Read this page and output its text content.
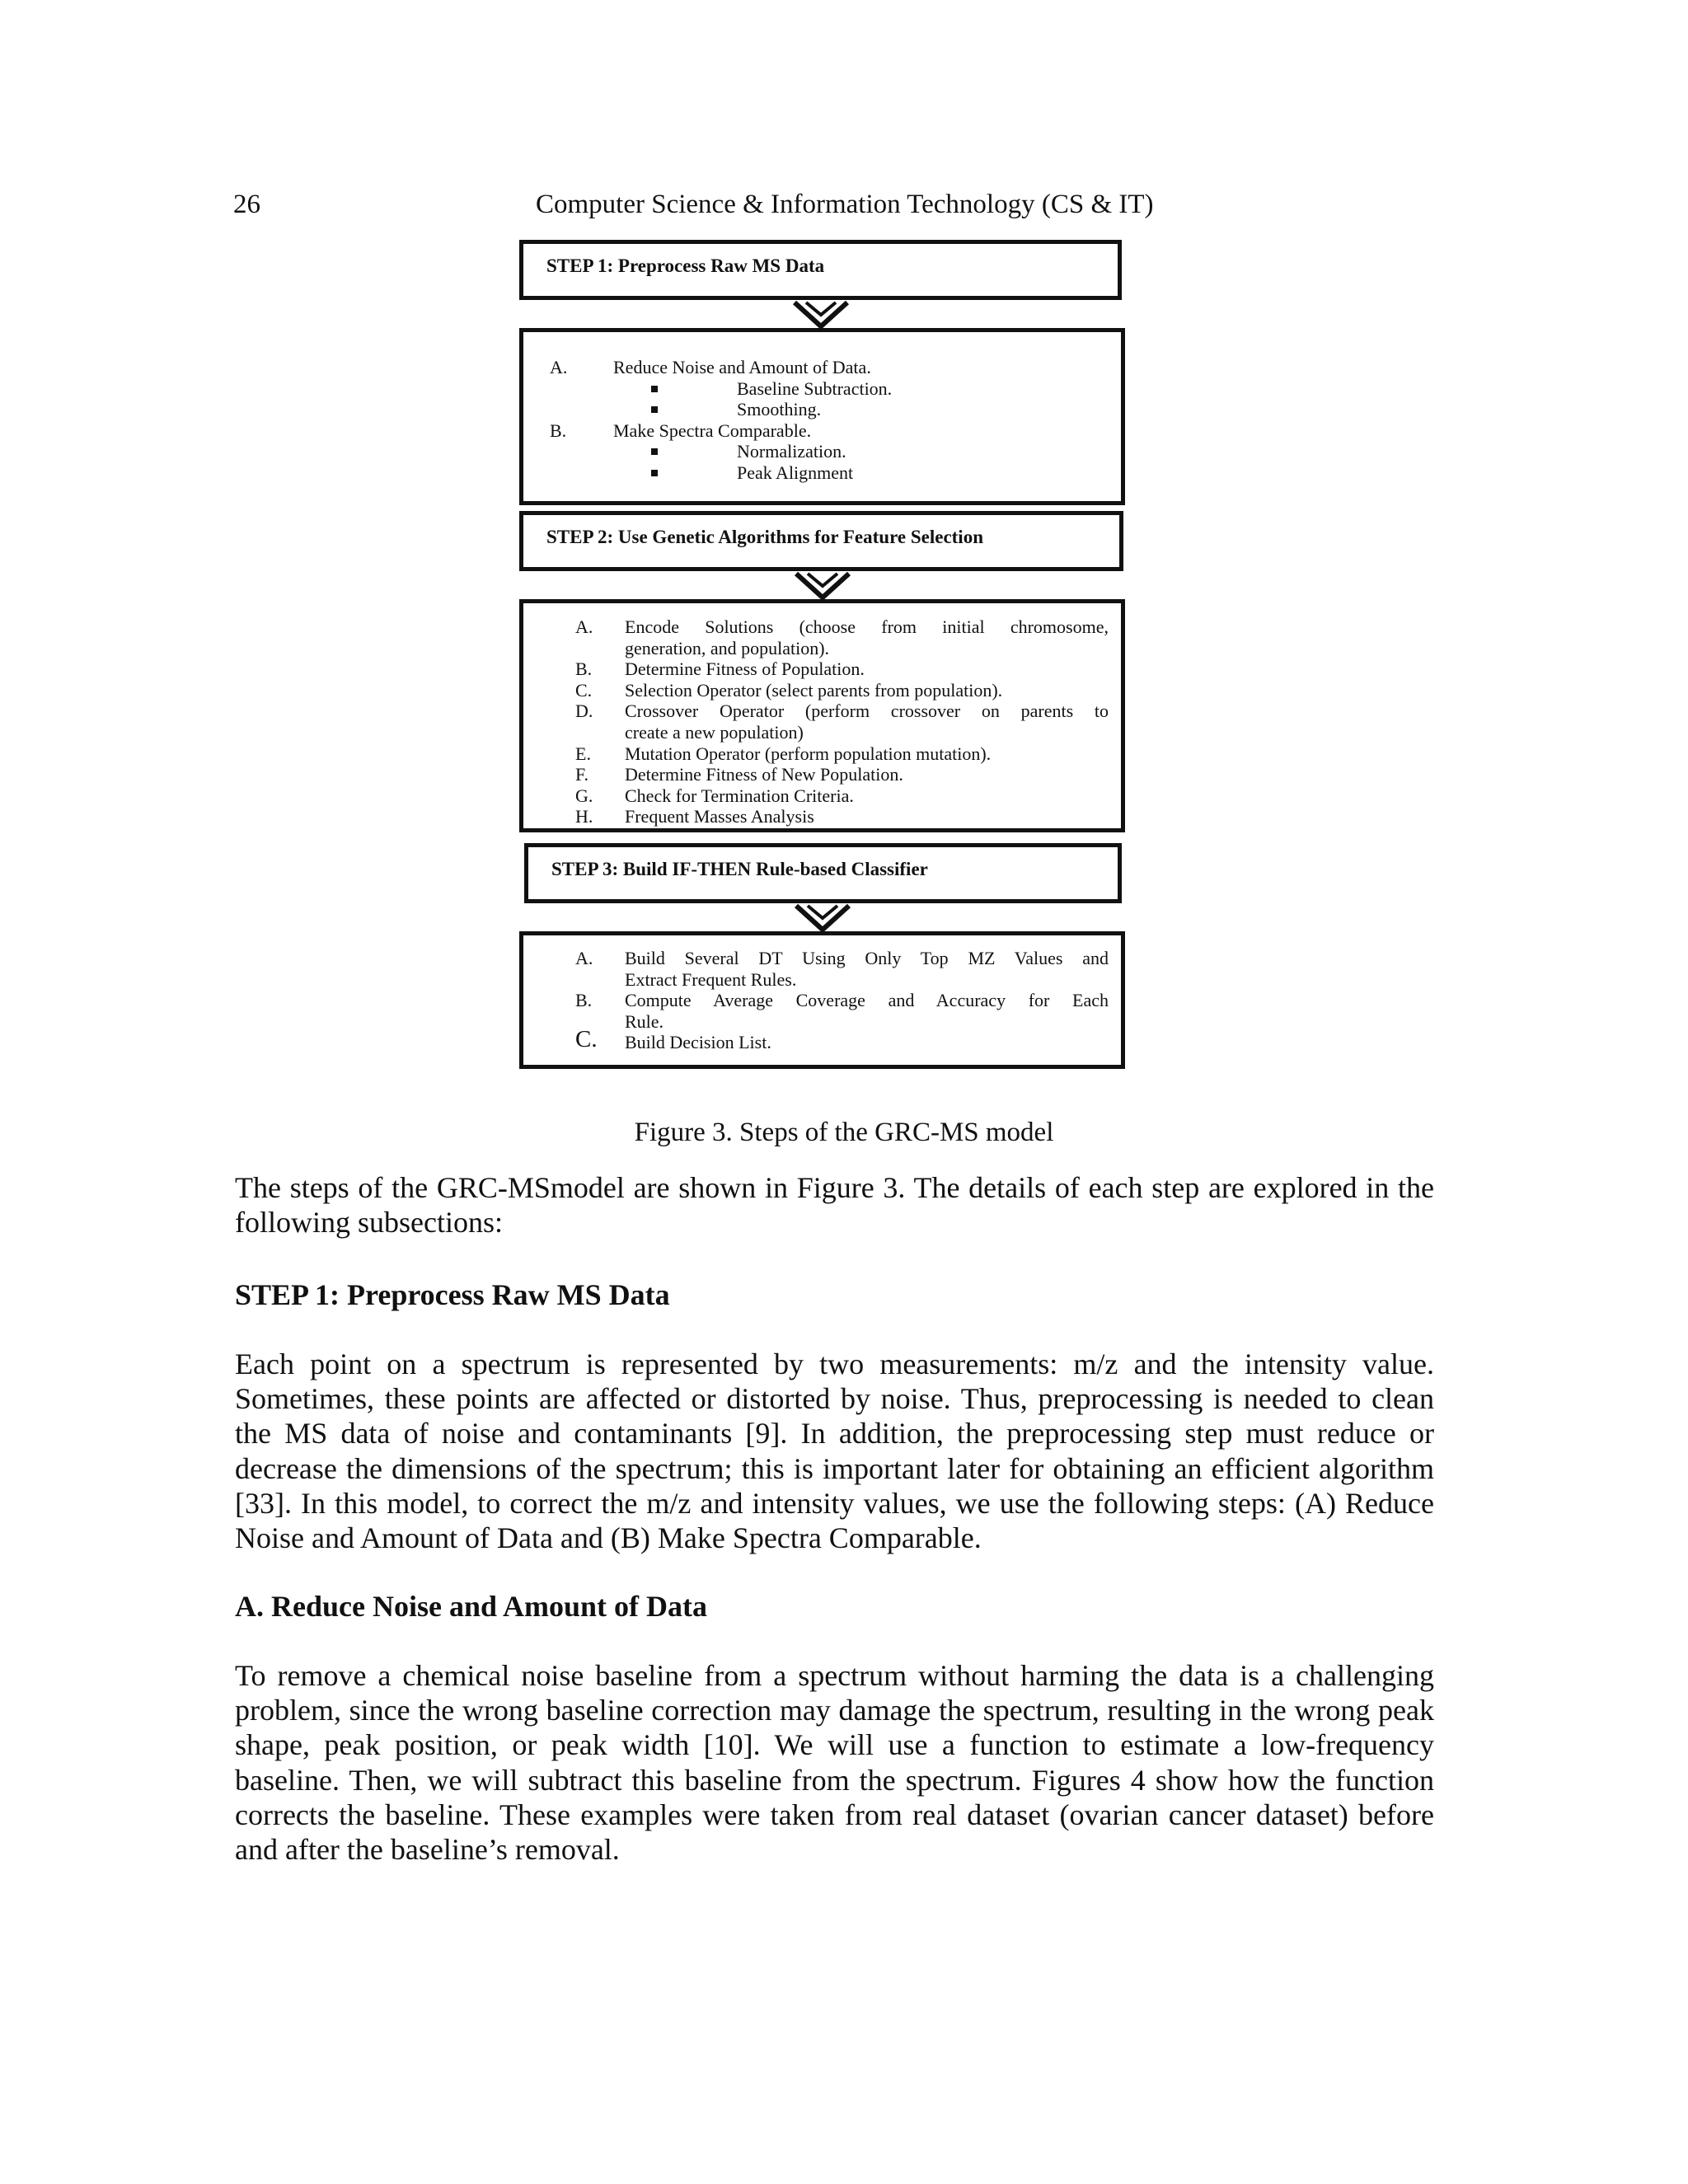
26	Computer Science & Information Technology (CS & IT)
STEP 1: Preprocess Raw MS Data
A.	Reduce Noise and Amount of Data.
Baseline Subtraction.
Smoothing.
B.	Make Spectra Comparable.
Normalization.
Peak Alignment
STEP 2: Use Genetic Algorithms for Feature Selection
A. Encode Solutions (choose from initial chromosome,
generation, and population).
B. Determine Fitness of Population.
C. Selection Operator (select parents from population).
D. Crossover Operator (perform crossover on parents to
create a new population)
E. Mutation Operator (perform population mutation).
F. Determine Fitness of New Population.
G. Check for Termination Criteria.
H. Frequent Masses Analysis
STEP 3: Build IF-THEN Rule-based Classifier
A. Build Several DT Using Only Top MZ Values and
Extract Frequent Rules.
B. Compute Average Coverage and Accuracy for Each
Rule.
C. Build Decision List.
Figure 3. Steps of the GRC-MS model

The steps of the GRC-MSmodel are shown in Figure 3. The details of each step are explored in the following subsections:

STEP 1: Preprocess Raw MS Data

Each point on a spectrum is represented by two measurements: m/z and the intensity value. Sometimes, these points are affected or distorted by noise. Thus, preprocessing is needed to clean the MS data of noise and contaminants [9]. In addition, the preprocessing step must reduce or decrease the dimensions of the spectrum; this is important later for obtaining an efficient algorithm [33]. In this model, to correct the m/z and intensity values, we use the following steps: (A) Reduce Noise and Amount of Data and (B) Make Spectra Comparable.

A. Reduce Noise and Amount of Data

To remove a chemical noise baseline from a spectrum without harming the data is a challenging problem, since the wrong baseline correction may damage the spectrum, resulting in the wrong peak shape, peak position, or peak width [10]. We will use a function to estimate a low-frequency baseline. Then, we will subtract this baseline from the spectrum. Figures 4 show how the function corrects the baseline. These examples were taken from real dataset (ovarian cancer dataset) before and after the baseline’s removal.
